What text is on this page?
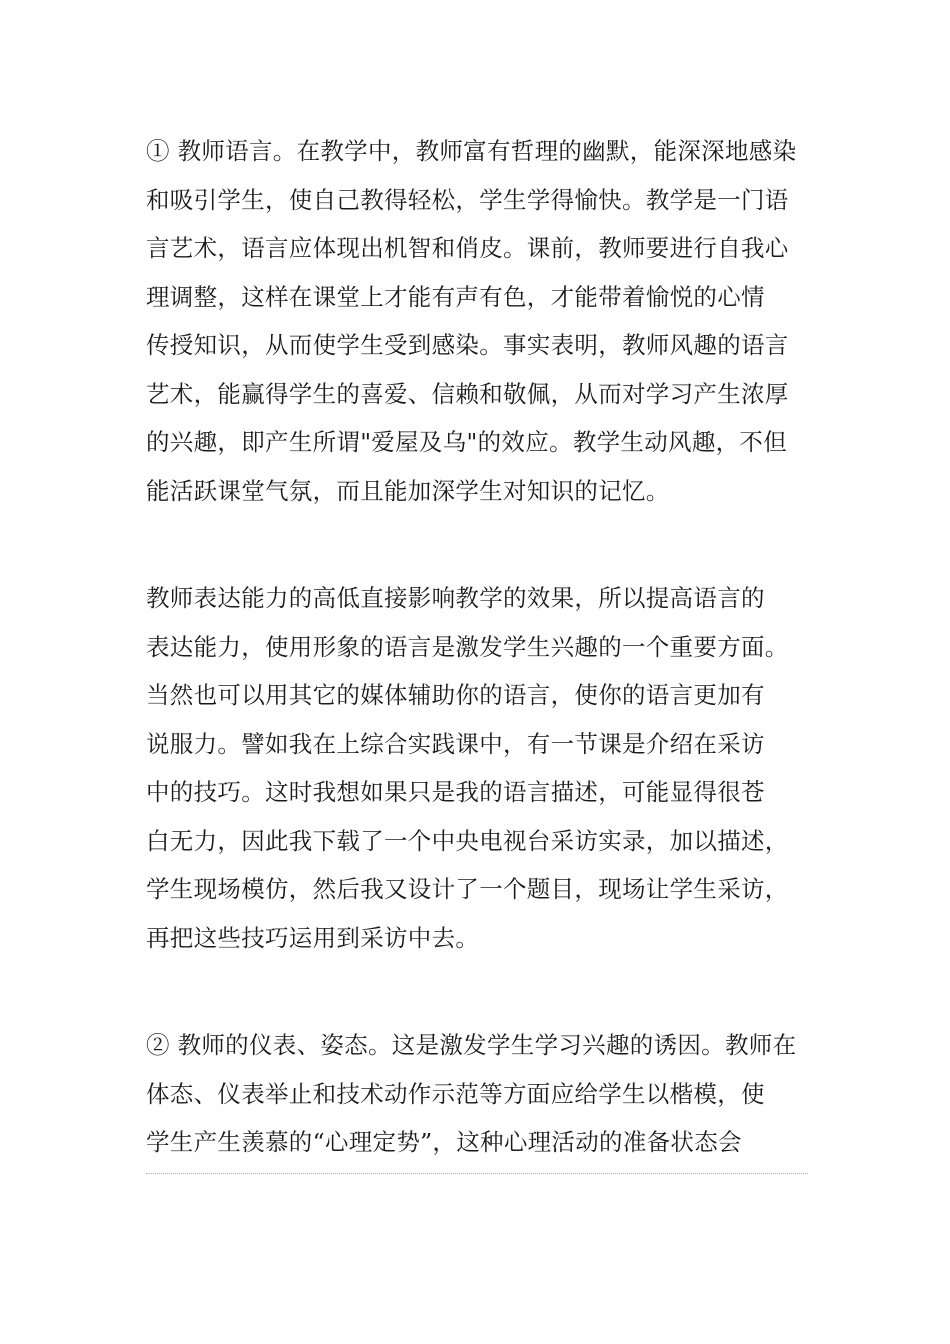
① 教师语言。在教学中，教师富有哲理的幽默，能深深地感染
和吸引学生，使自己教得轻松，学生学得愉快。教学是一门语
言艺术，语言应体现出机智和俏皮。课前，教师要进行自我心
理调整，这样在课堂上才能有声有色，才能带着愉悦的心情
传授知识，从而使学生受到感染。事实表明，教师风趣的语言
艺术，能赢得学生的喜爱、信赖和敬佩，从而对学习产生浓厚
的兴趣，即产生所谓"爱屋及乌"的效应。教学生动风趣，不但
能活跃课堂气氛，而且能加深学生对知识的记忆。

教师表达能力的高低直接影响教学的效果，所以提高语言的
表达能力，使用形象的语言是激发学生兴趣的一个重要方面。
当然也可以用其它的媒体辅助你的语言，使你的语言更加有
说服力。譬如我在上综合实践课中，有一节课是介绍在采访
中的技巧。这时我想如果只是我的语言描述，可能显得很苍
白无力，因此我下载了一个中央电视台采访实录，加以描述，
学生现场模仿，然后我又设计了一个题目，现场让学生采访，
再把这些技巧运用到采访中去。

② 教师的仪表、姿态。这是激发学生学习兴趣的诱因。教师在
体态、仪表举止和技术动作示范等方面应给学生以楷模，使
学生产生羡慕的“心理定势”，这种心理活动的准备状态会
